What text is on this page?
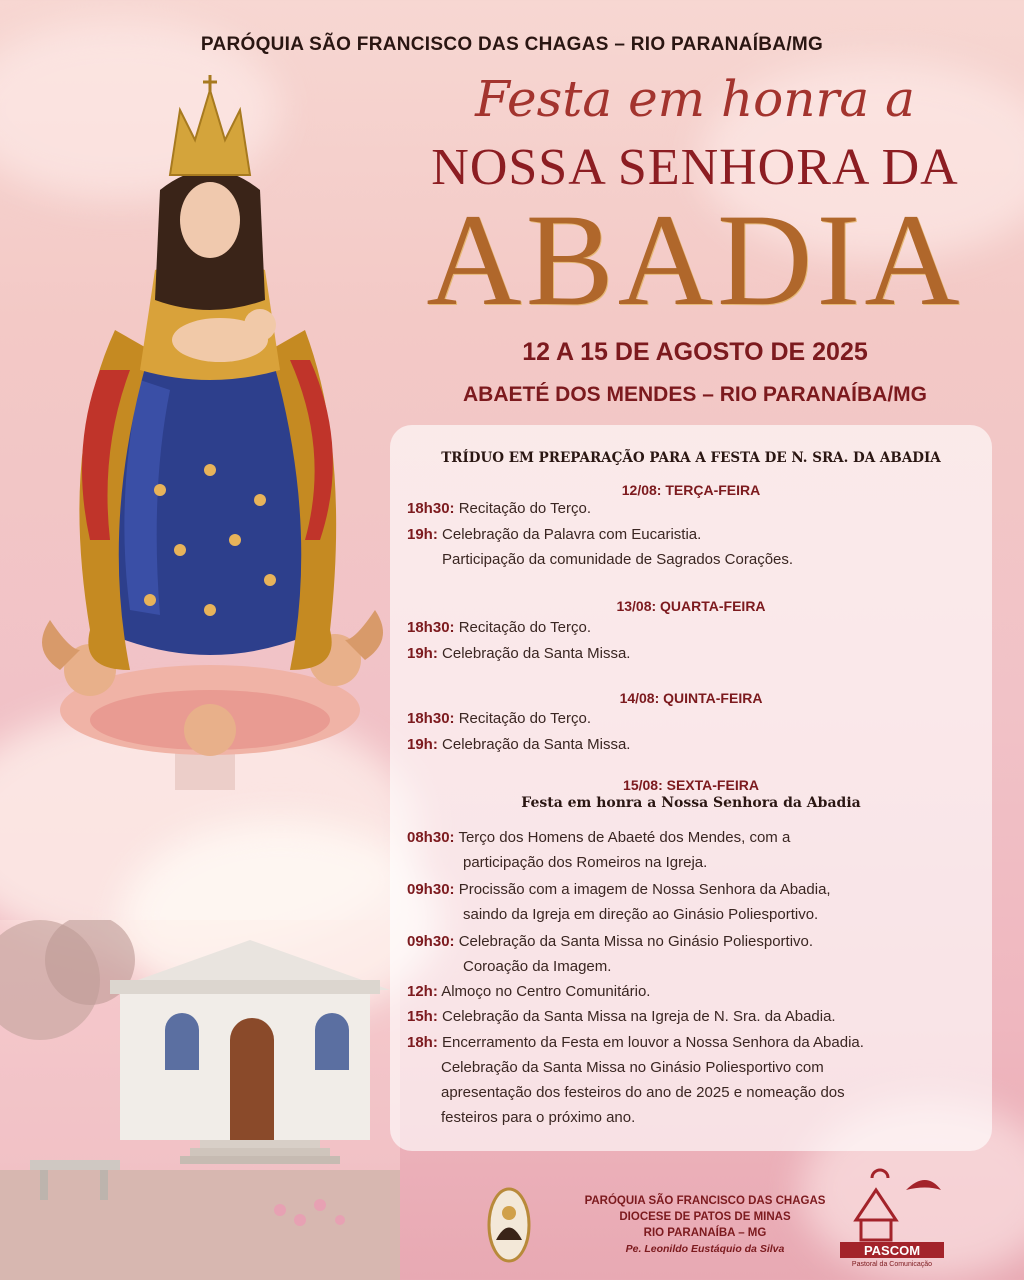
PARÓQUIA SÃO FRANCISCO DAS CHAGAS – RIO PARANAÍBA/MG
Festa em honra a
NOSSA SENHORA DA
ABADIA
12 A 15 DE AGOSTO DE 2025
ABAETÉ DOS MENDES – RIO PARANAÍBA/MG
TRÍDUO EM PREPARAÇÃO PARA A FESTA DE N. SRA. DA ABADIA
12/08: TERÇA-FEIRA
18h30: Recitação do Terço.
19h: Celebração da Palavra com Eucaristia.
Participação da comunidade de Sagrados Corações.
13/08: QUARTA-FEIRA
18h30: Recitação do Terço.
19h: Celebração da Santa Missa.
14/08: QUINTA-FEIRA
18h30: Recitação do Terço.
19h: Celebração da Santa Missa.
15/08: SEXTA-FEIRA
Festa em honra a Nossa Senhora da Abadia
08h30: Terço dos Homens de Abaeté dos Mendes, com a
participação dos Romeiros na Igreja.
09h30: Procissão com a imagem de Nossa Senhora da Abadia,
saindo da Igreja em direção ao Ginásio Poliesportivo.
09h30: Celebração da Santa Missa no Ginásio Poliesportivo.
Coroação da Imagem.
12h: Almoço no Centro Comunitário.
15h: Celebração da Santa Missa na Igreja de N. Sra. da Abadia.
18h: Encerramento da Festa em louvor a Nossa Senhora da Abadia.
Celebração da Santa Missa no Ginásio Poliesportivo com
apresentação dos festeiros do ano de 2025 e nomeação dos
festeiros para o próximo ano.
PARÓQUIA SÃO FRANCISCO DAS CHAGAS
DIOCESE DE PATOS DE MINAS
RIO PARANAÍBA – MG
Pe. Leonildo Eustáquio da Silva	PASCOM
Pastoral da Comunicação
